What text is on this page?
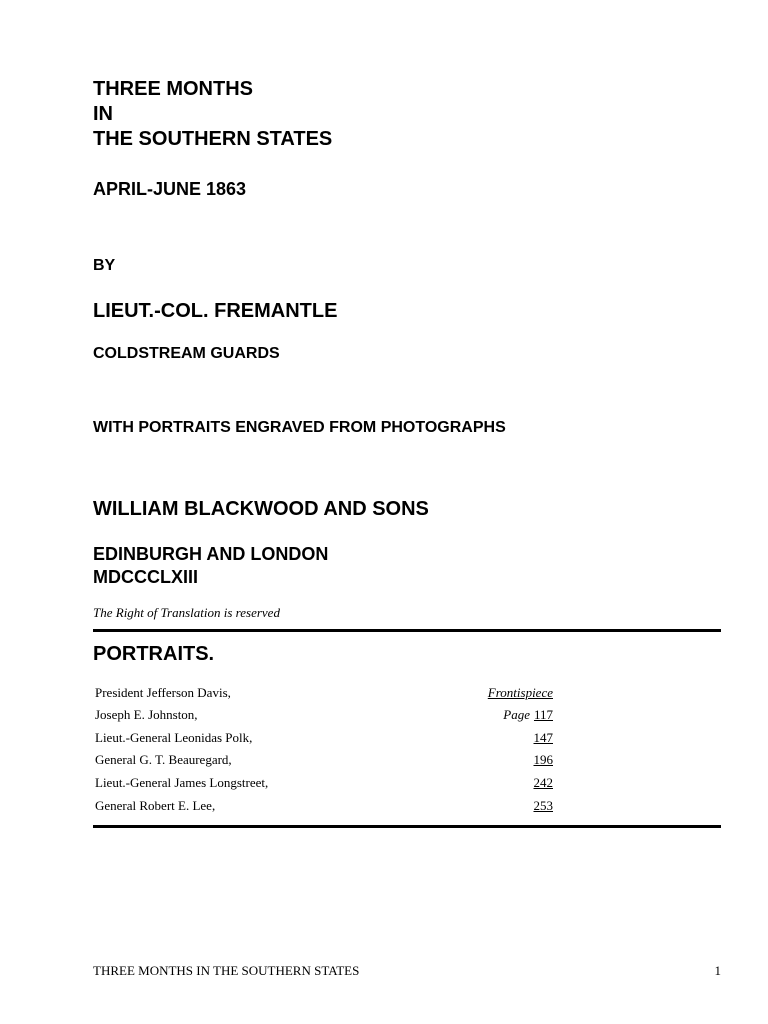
THREE MONTHS
IN
THE SOUTHERN STATES
APRIL-JUNE 1863
BY
LIEUT.-COL. FREMANTLE
COLDSTREAM GUARDS
WITH PORTRAITS ENGRAVED FROM PHOTOGRAPHS
WILLIAM BLACKWOOD AND SONS
EDINBURGH AND LONDON
MDCCCLXIII
The Right of Translation is reserved
PORTRAITS.
President Jefferson Davis,	Frontispiece
Joseph E. Johnston,	Page 117
Lieut.-General Leonidas Polk,	147
General G. T. Beauregard,	196
Lieut.-General James Longstreet,	242
General Robert E. Lee,	253
THREE MONTHS IN THE SOUTHERN STATES	1
